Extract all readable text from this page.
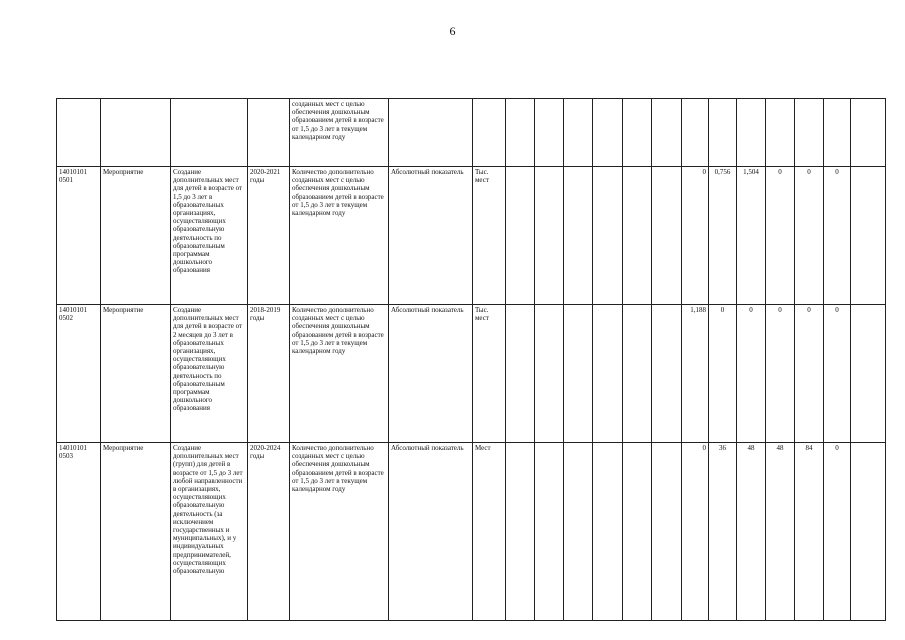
6
				созданных мест с целью обеспечения дошкольным образованием детей в возрасте от 1,5 до 3 лет в текущем календарном году															
14010101 0501	Мероприятие	Создание дополнительных мест для детей в возрасте от 1,5 до 3 лет в образовательных организациях, осуществляющих образовательную деятельность по образовательным программам дошкольного образования	2020-2021 годы	Количество дополнительно созданных мест с целью обеспечения дошкольным образованием детей в возрасте от 1,5 до 3 лет в текущем календарном году	Абсолютный показатель	Тыс. мест							0	0,756	1,504	0	0	0	
14010101 0502	Мероприятие	Создание дополнительных мест для детей в возрасте от 2 месяцев до 3 лет в образовательных организациях, осуществляющих образовательную деятельность по образовательным программам дошкольного образования	2018-2019 годы	Количество дополнительно созданных мест с целью обеспечения дошкольным образованием детей в возрасте от 1,5 до 3 лет в текущем календарном году	Абсолютный показатель	Тыс. мест							1,188	0	0	0	0	0	
14010101 0503	Мероприятие	Создание дополнительных мест (групп) для детей в возрасте от 1,5 до 3 лет любой направленности в организациях, осуществляющих образовательную деятельность (за исключением государственных и муниципальных), и у индивидуальных предпринимателей, осуществляющих образовательную	2020-2024 годы	Количество дополнительно созданных мест с целью обеспечения дошкольным образованием детей в возрасте от 1,5 до 3 лет в текущем календарном году	Абсолютный показатель	Мест							0	36	48	48	84	0	
